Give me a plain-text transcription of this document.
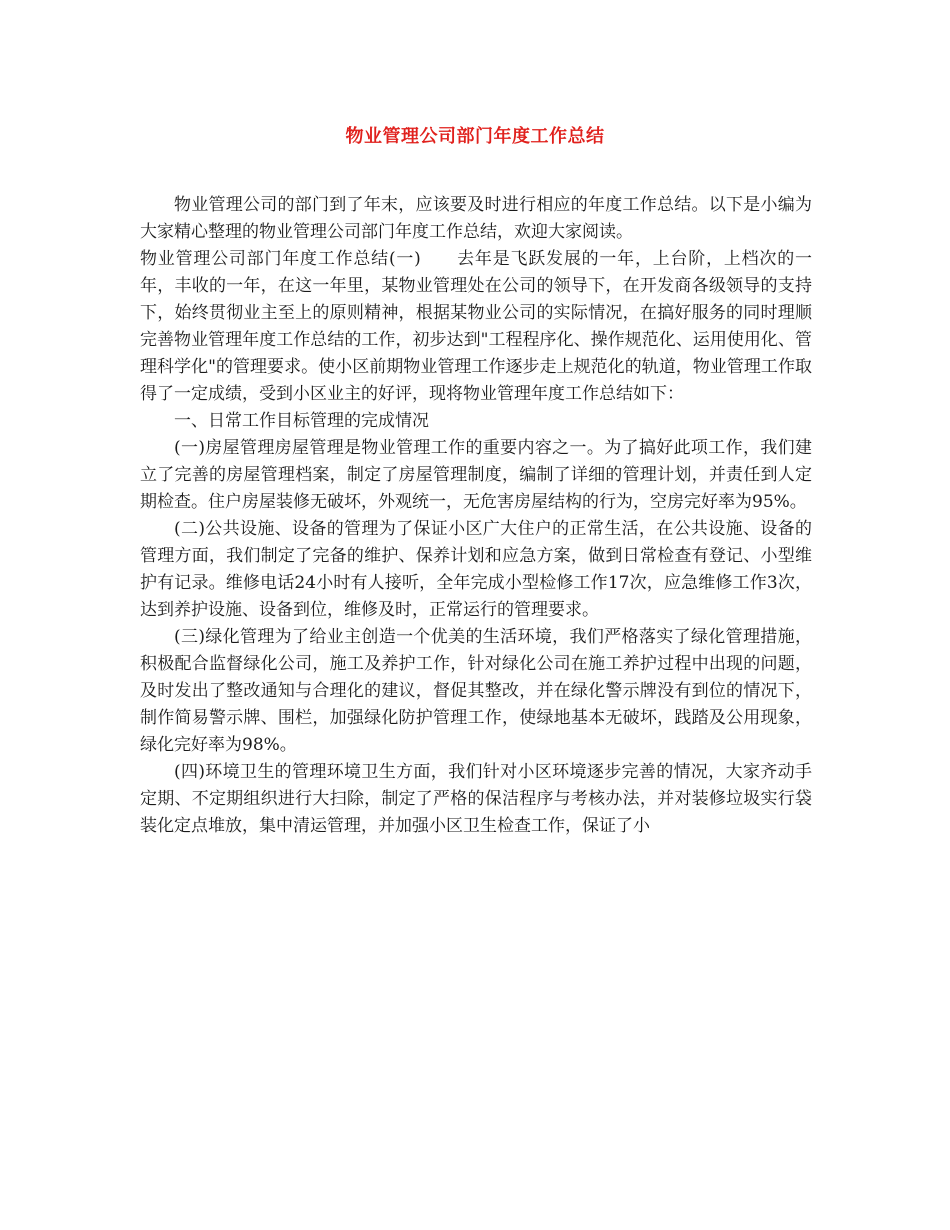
物业管理公司部门年度工作总结

物业管理公司的部门到了年末，应该要及时进行相应的年度工作总结。以下是小编为大家精心整理的物业管理公司部门年度工作总结，欢迎大家阅读。

物业管理公司部门年度工作总结(一)　　去年是飞跃发展的一年，上台阶，上档次的一年，丰收的一年，在这一年里，某物业管理处在公司的领导下，在开发商各级领导的支持下，始终贯彻业主至上的原则精神，根据某物业公司的实际情况，在搞好服务的同时理顺完善物业管理年度工作总结的工作，初步达到"工程程序化、操作规范化、运用使用化、管理科学化"的管理要求。使小区前期物业管理工作逐步走上规范化的轨道，物业管理工作取得了一定成绩，受到小区业主的好评，现将物业管理年度工作总结如下：

一、日常工作目标管理的完成情况

(一)房屋管理房屋管理是物业管理工作的重要内容之一。为了搞好此项工作，我们建立了完善的房屋管理档案，制定了房屋管理制度，编制了详细的管理计划，并责任到人定期检查。住户房屋装修无破坏，外观统一，无危害房屋结构的行为，空房完好率为95%。

(二)公共设施、设备的管理为了保证小区广大住户的正常生活，在公共设施、设备的管理方面，我们制定了完备的维护、保养计划和应急方案，做到日常检查有登记、小型维护有记录。维修电话24小时有人接听，全年完成小型检修工作17次，应急维修工作3次，达到养护设施、设备到位，维修及时，正常运行的管理要求。

(三)绿化管理为了给业主创造一个优美的生活环境，我们严格落实了绿化管理措施，积极配合监督绿化公司，施工及养护工作，针对绿化公司在施工养护过程中出现的问题，及时发出了整改通知与合理化的建议，督促其整改，并在绿化警示牌没有到位的情况下，制作简易警示牌、围栏，加强绿化防护管理工作，使绿地基本无破坏，践踏及公用现象，绿化完好率为98%。

(四)环境卫生的管理环境卫生方面，我们针对小区环境逐步完善的情况，大家齐动手定期、不定期组织进行大扫除，制定了严格的保洁程序与考核办法，并对装修垃圾实行袋装化定点堆放，集中清运管理，并加强小区卫生检查工作，保证了小
